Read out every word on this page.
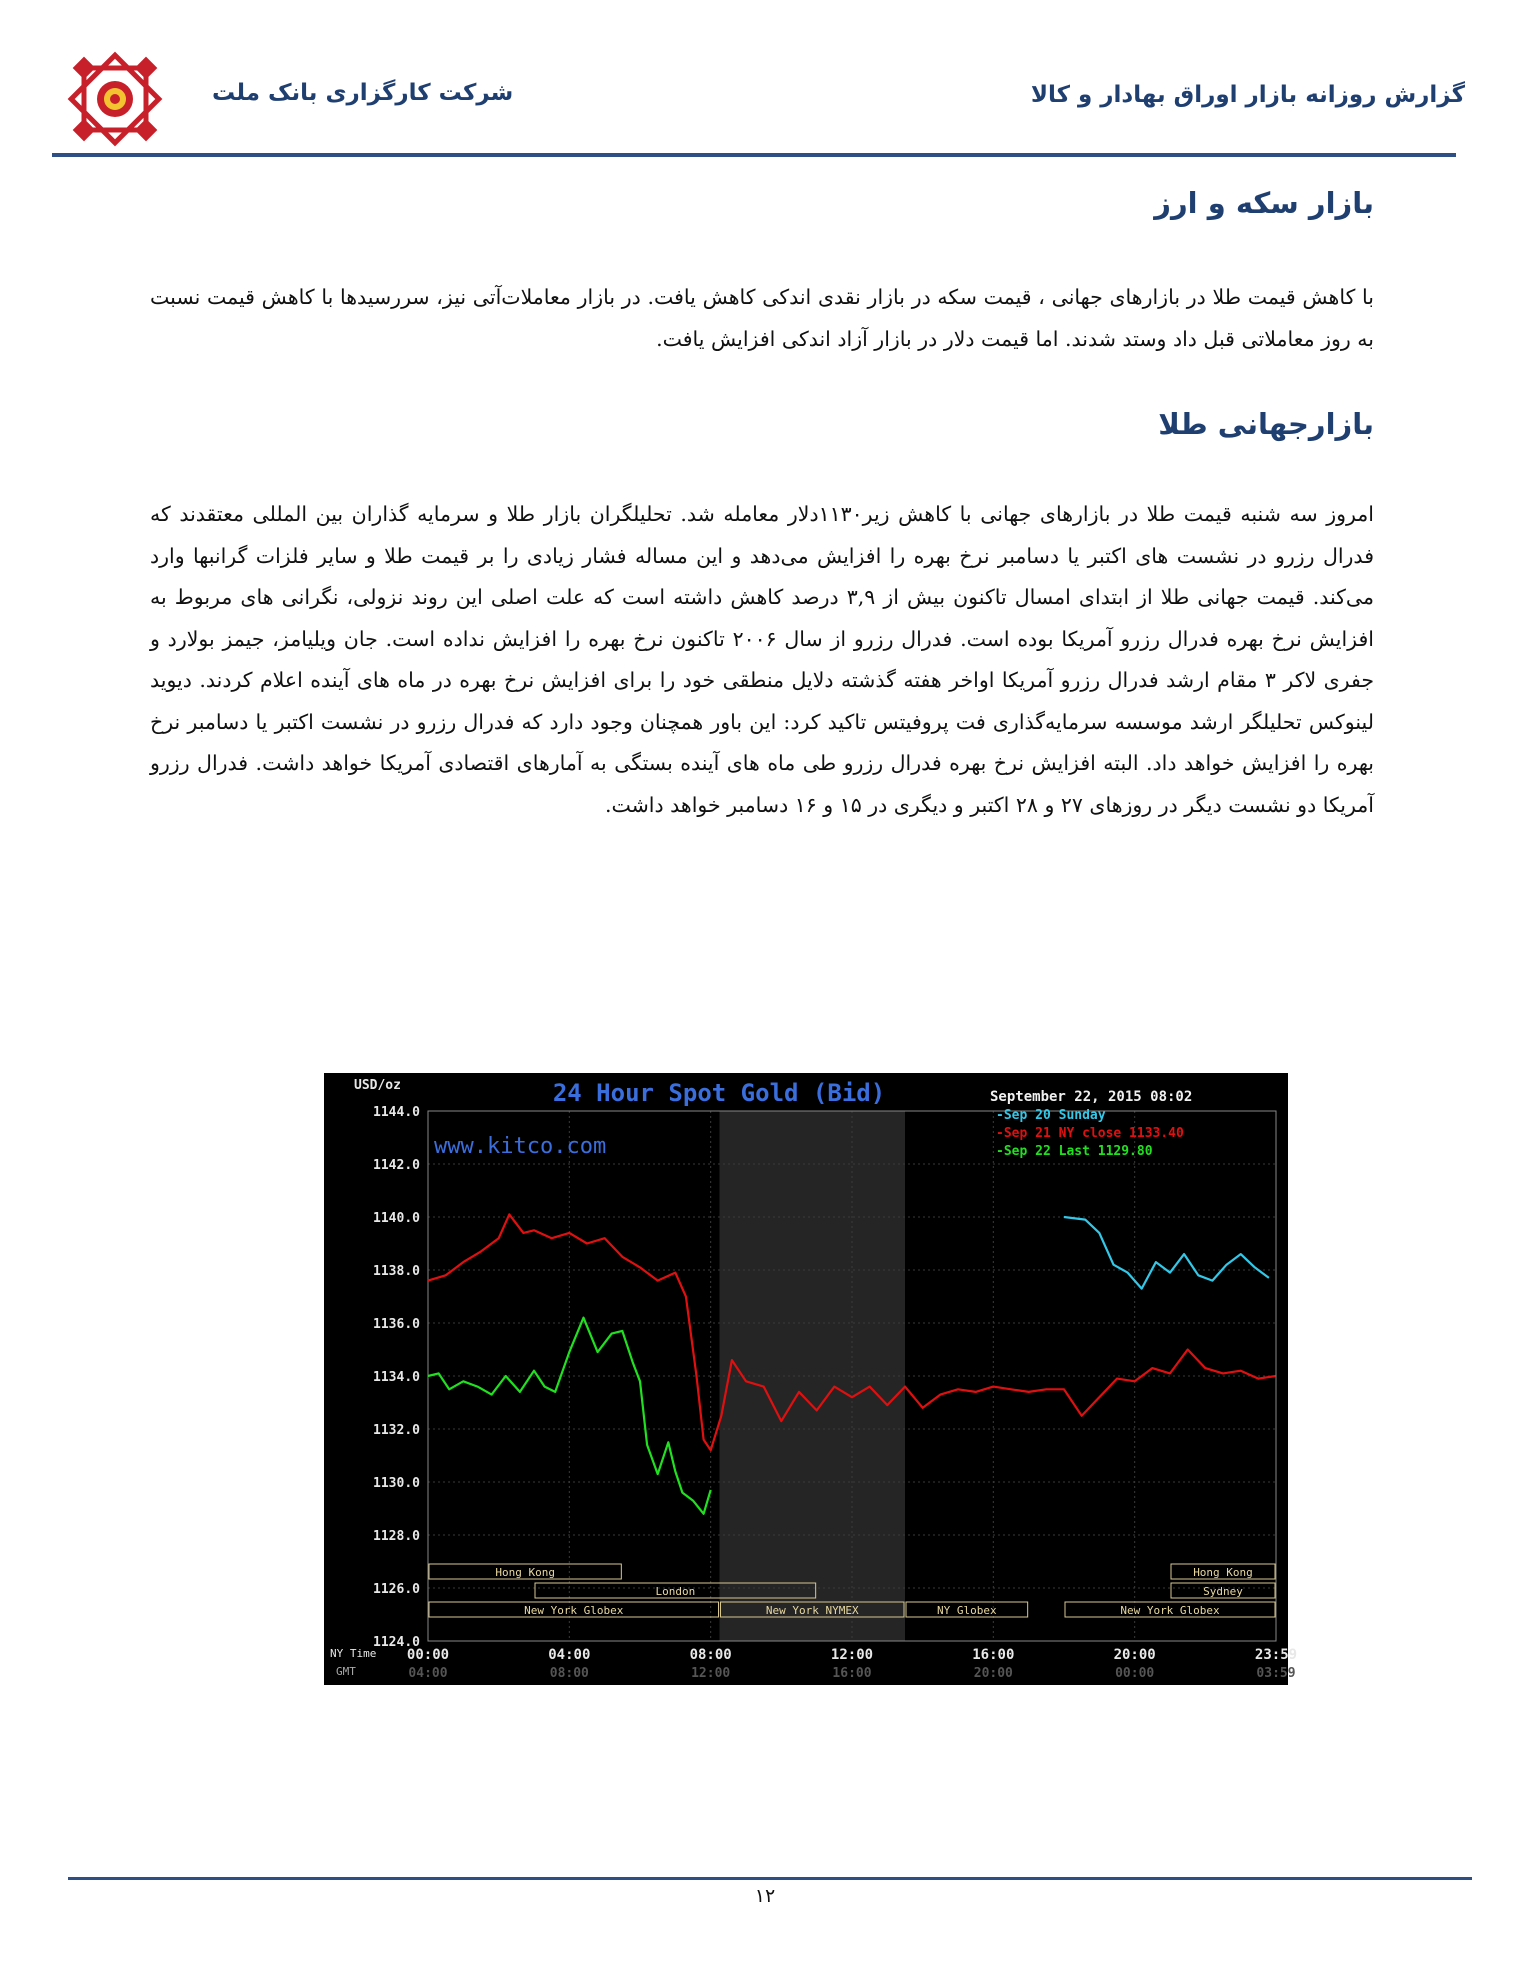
گزارش روزانه بازار اوراق بهادار و کالا
شرکت کارگزاری بانک ملت
بازار سکه و ارز
با کاهش قیمت طلا در بازارهای جهانی ، قیمت سکه در بازار نقدی اندکی کاهش یافت. در بازار معاملات‌آتی نیز، سررسیدها با کاهش قیمت نسبت به روز معاملاتی قبل داد وستد شدند. اما قیمت دلار در بازار آزاد اندکی افزایش یافت.
بازارجهانی طلا
امروز سه شنبه قیمت طلا در بازارهای جهانی با کاهش زیر۱۱۳۰دلار معامله شد. تحلیلگران بازار طلا و سرمایه گذاران بین المللی معتقدند که فدرال رزرو در نشست های اکتبر یا دسامبر نرخ بهره را افزایش می‌دهد و این مساله فشار زیادی را بر قیمت طلا و سایر فلزات گرانبها وارد می‌کند. قیمت جهانی طلا از ابتدای امسال تاکنون بیش از ۳,۹ درصد کاهش داشته است که علت اصلی این روند نزولی، نگرانی های مربوط به افزایش نرخ بهره فدرال رزرو آمریکا بوده است. فدرال رزرو از سال ۲۰۰۶ تاکنون نرخ بهره را افزایش نداده است. جان ویلیامز، جیمز بولارد و جفری لاکر ۳ مقام ارشد فدرال رزرو آمریکا اواخر هفته گذشته دلایل منطقی خود را برای افزایش نرخ بهره در ماه های آینده اعلام کردند. دیوید لینوکس تحلیلگر ارشد موسسه سرمایه‌گذاری فت پروفیتس تاکید کرد: این باور همچنان وجود دارد که فدرال رزرو در نشست اکتبر یا دسامبر نرخ بهره را افزایش خواهد داد. البته افزایش نرخ بهره فدرال رزرو طی ماه های آینده بستگی به آمارهای اقتصادی آمریکا خواهد داشت. فدرال رزرو آمریکا دو نشست دیگر در روزهای ۲۷ و ۲۸ اکتبر و دیگری در ۱۵ و ۱۶ دسامبر خواهد داشت.
1144.0
1142.0
1140.0
1138.0
1136.0
1134.0
1132.0
1130.0
1128.0
1126.0
1124.0
USD/oz
00:00
04:00
04:00
08:00
08:00
12:00
12:00
16:00
16:00
20:00
20:00
00:00
23:59
03:59
NY Time
GMT
Hong Kong
London
New York Globex	New York NYMEX	NY Globex
Hong Kong
Sydney
New York Globex
24 Hour Spot Gold (Bid)
www.kitco.com
September 22, 2015 08:02
-Sep 20 Sunday
-Sep 21 NY close 1133.40
-Sep 22 Last 1129.80
۱۲
